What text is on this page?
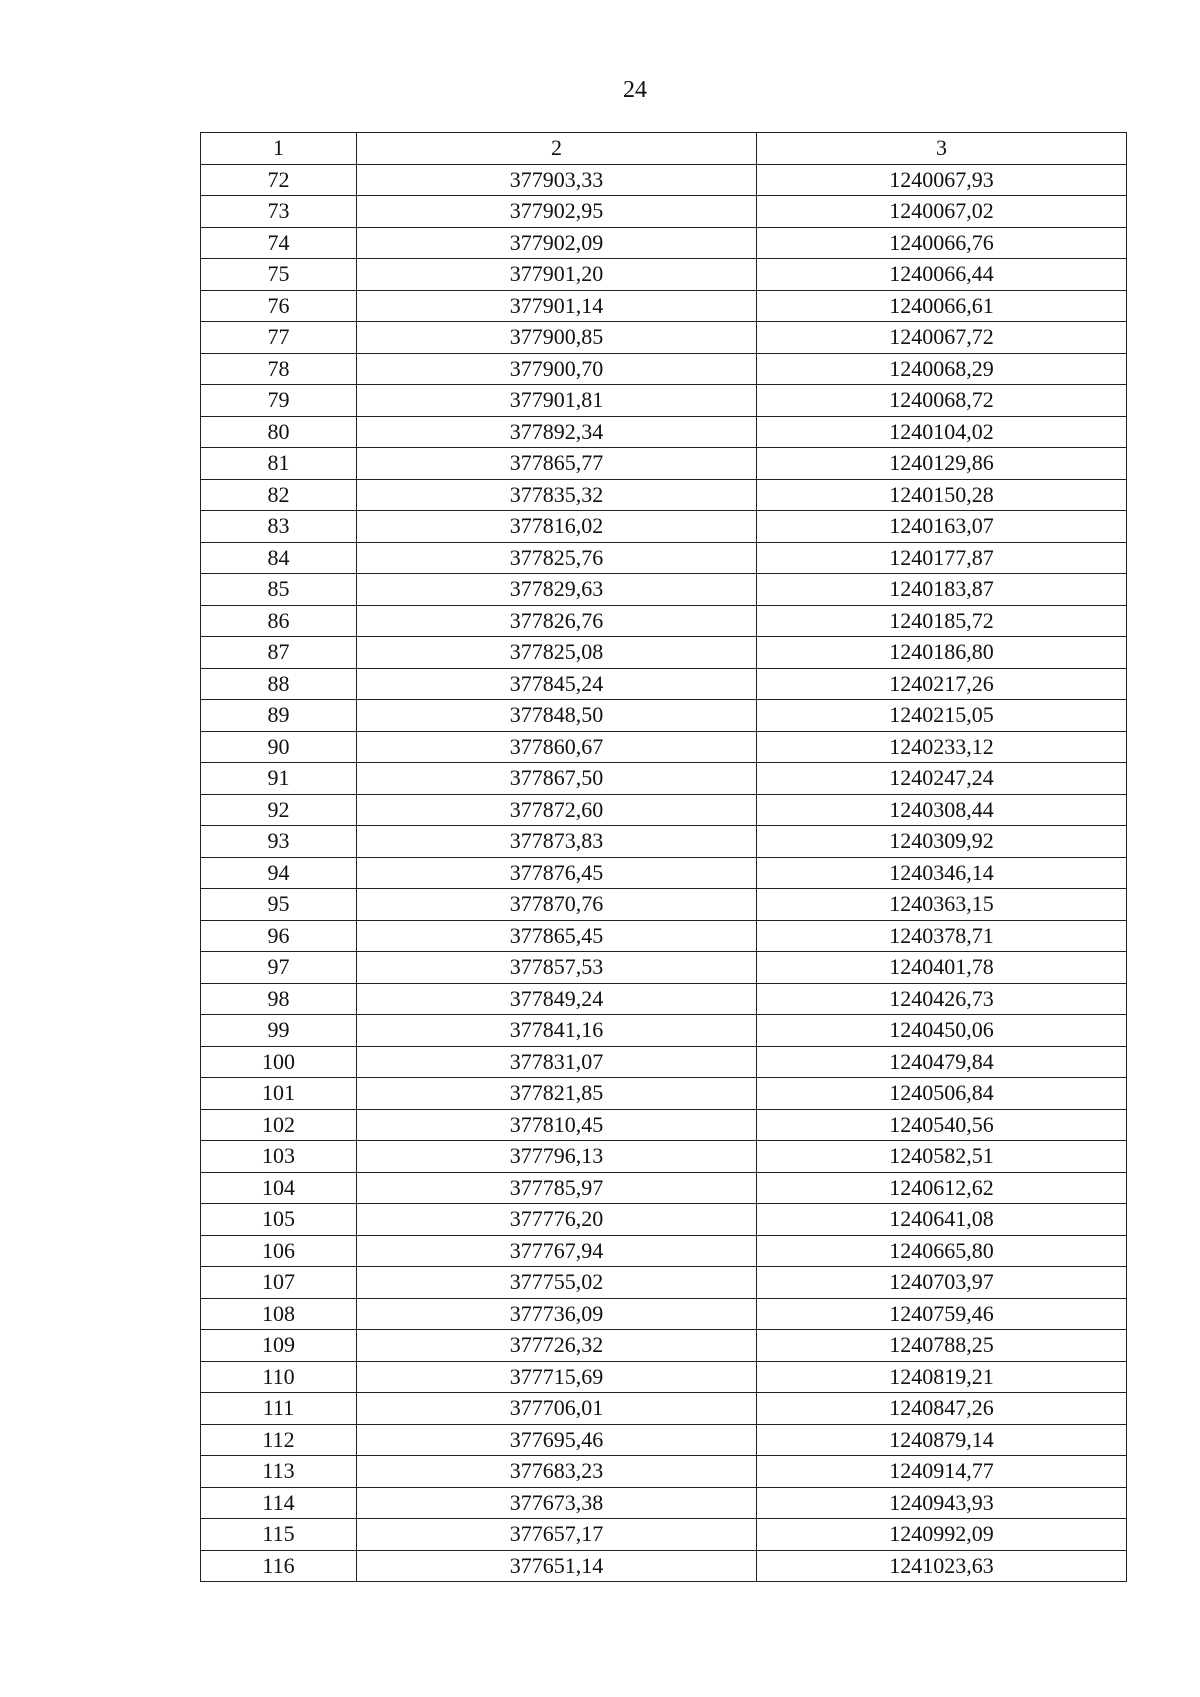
24
1	2	3
72	377903,33	1240067,93
73	377902,95	1240067,02
74	377902,09	1240066,76
75	377901,20	1240066,44
76	377901,14	1240066,61
77	377900,85	1240067,72
78	377900,70	1240068,29
79	377901,81	1240068,72
80	377892,34	1240104,02
81	377865,77	1240129,86
82	377835,32	1240150,28
83	377816,02	1240163,07
84	377825,76	1240177,87
85	377829,63	1240183,87
86	377826,76	1240185,72
87	377825,08	1240186,80
88	377845,24	1240217,26
89	377848,50	1240215,05
90	377860,67	1240233,12
91	377867,50	1240247,24
92	377872,60	1240308,44
93	377873,83	1240309,92
94	377876,45	1240346,14
95	377870,76	1240363,15
96	377865,45	1240378,71
97	377857,53	1240401,78
98	377849,24	1240426,73
99	377841,16	1240450,06
100	377831,07	1240479,84
101	377821,85	1240506,84
102	377810,45	1240540,56
103	377796,13	1240582,51
104	377785,97	1240612,62
105	377776,20	1240641,08
106	377767,94	1240665,80
107	377755,02	1240703,97
108	377736,09	1240759,46
109	377726,32	1240788,25
110	377715,69	1240819,21
111	377706,01	1240847,26
112	377695,46	1240879,14
113	377683,23	1240914,77
114	377673,38	1240943,93
115	377657,17	1240992,09
116	377651,14	1241023,63
